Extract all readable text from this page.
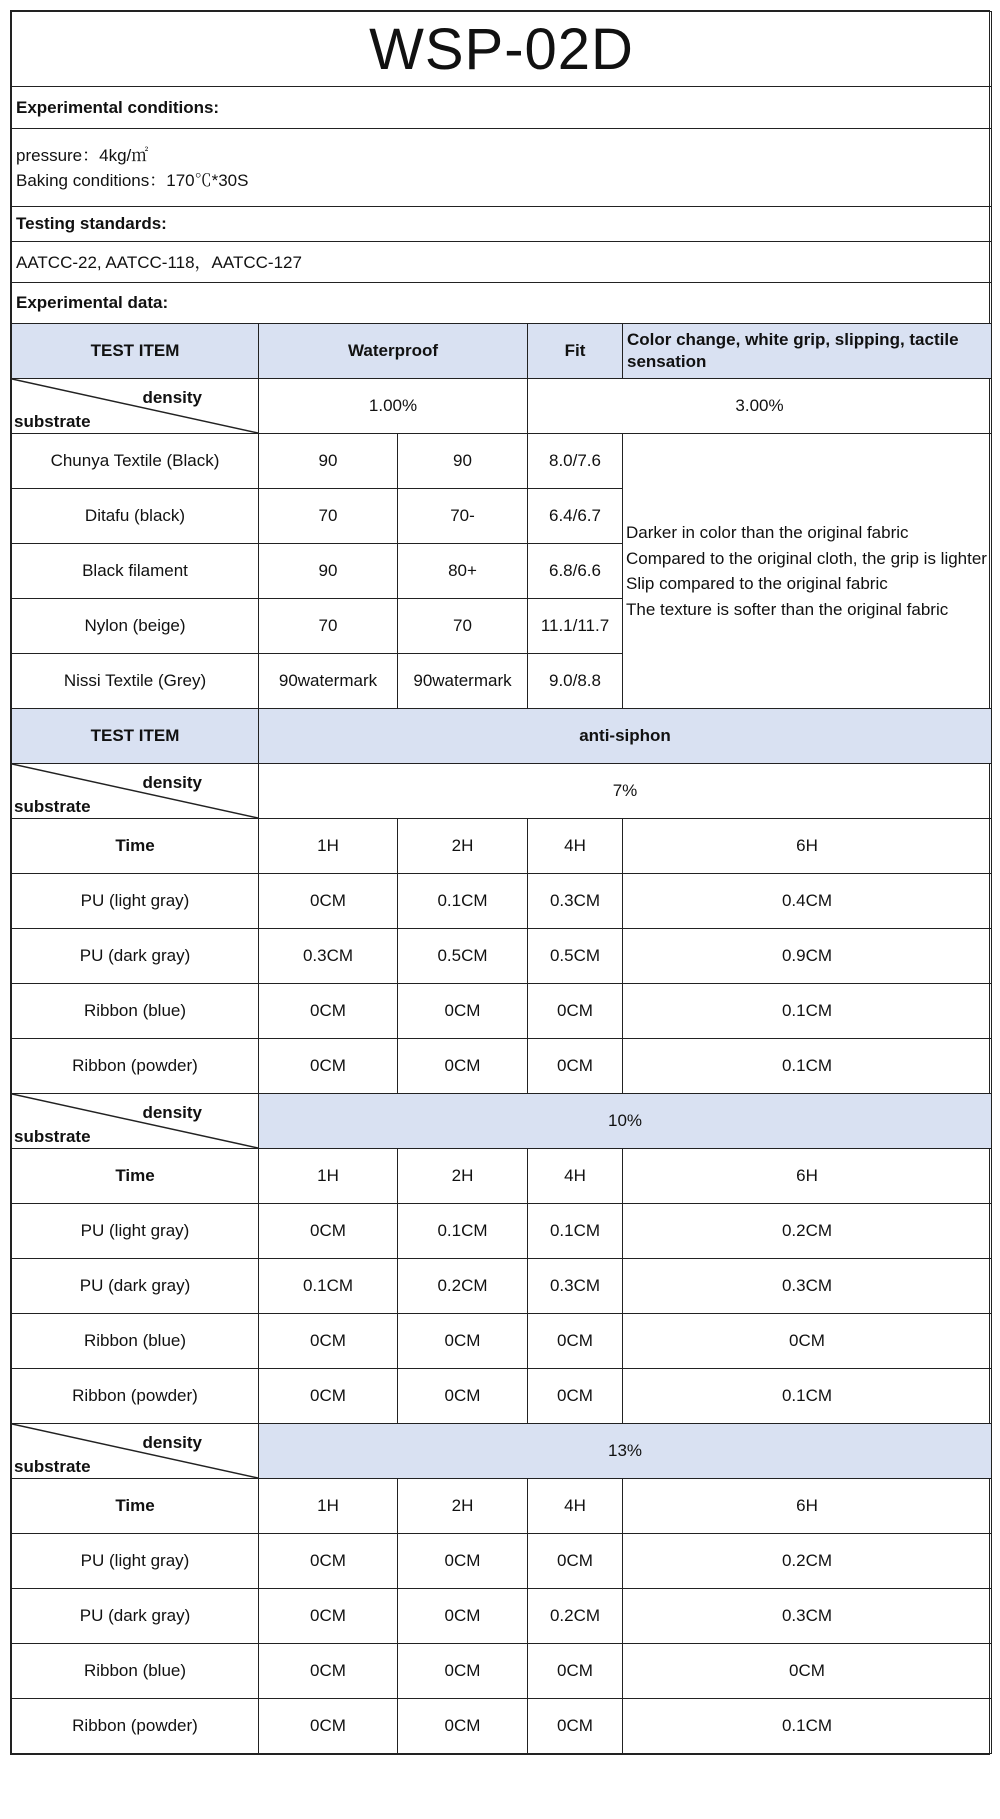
WSP-02D				
Experimental conditions:				

pressure：4kg/㎡
Baking conditions：170℃*30S				

Testing standards:				
AATCC-22, AATCC-118，AATCC-127				
Experimental data:				
TEST ITEM	Waterproof		Fit	Color change, white grip, slipping, tactile sensation

density
substrate	1.00%		3.00%	
Chunya Textile (Black)	90	90	8.0/7.6	Darker in color than the original fabric
Compared to the original cloth, the grip is lighter
Slip compared to the original fabric
The texture is softer than the original fabric

Ditafu (black)	70	70-	6.4/6.7	
Black filament	90	80+	6.8/6.6	
Nylon (beige)	70	70	11.1/11.7	
Nissi Textile (Grey)	90watermark	90watermark	9.0/8.8	
TEST ITEM	anti-siphon			

density
substrate	7%			
Time	1H	2H	4H	6H
PU (light gray)	0CM	0.1CM	0.3CM	0.4CM
PU (dark gray)	0.3CM	0.5CM	0.5CM	0.9CM
Ribbon (blue)	0CM	0CM	0CM	0.1CM
Ribbon (powder)	0CM	0CM	0CM	0.1CM

density
substrate	10%			
Time	1H	2H	4H	6H
PU (light gray)	0CM	0.1CM	0.1CM	0.2CM
PU (dark gray)	0.1CM	0.2CM	0.3CM	0.3CM
Ribbon (blue)	0CM	0CM	0CM	0CM
Ribbon (powder)	0CM	0CM	0CM	0.1CM

density
substrate	13%			
Time	1H	2H	4H	6H
PU (light gray)	0CM	0CM	0CM	0.2CM
PU (dark gray)	0CM	0CM	0.2CM	0.3CM
Ribbon (blue)	0CM	0CM	0CM	0CM
Ribbon (powder)	0CM	0CM	0CM	0.1CM
